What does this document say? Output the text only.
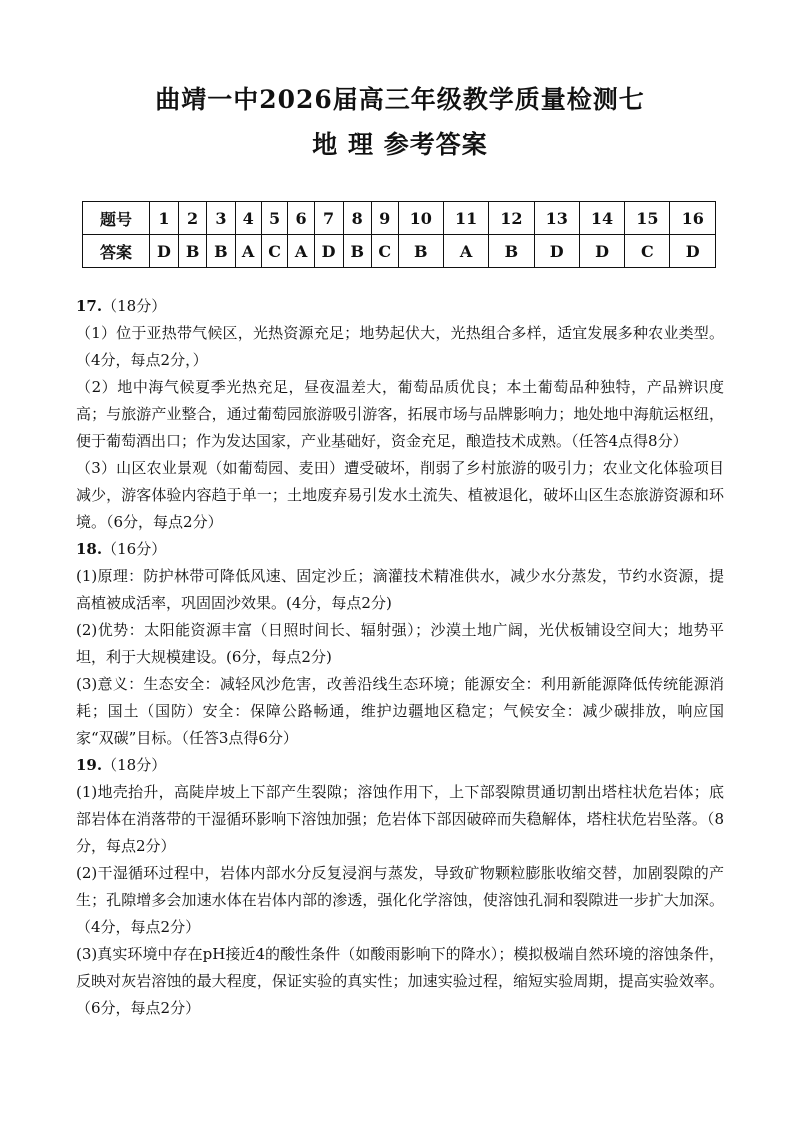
曲靖一中2026届高三年级教学质量检测七
地 理 参考答案
题号	1	2	3	4	5	6	7	8	9	10	11	12	13	14	15	16
答案	D	B	B	A	C	A	D	B	C	B	A	B	D	D	C	D
17.（18分）
（1）位于亚热带气候区，光热资源充足；地势起伏大，光热组合多样，适宜发展多种农业类型。（4分，每点2分，）
（2）地中海气候夏季光热充足，昼夜温差大，葡萄品质优良；本土葡萄品种独特，产品辨识度高；与旅游产业整合，通过葡萄园旅游吸引游客，拓展市场与品牌影响力；地处地中海航运枢纽，便于葡萄酒出口；作为发达国家，产业基础好，资金充足，酿造技术成熟。（任答4点得8分）
（3）山区农业景观（如葡萄园、麦田）遭受破坏，削弱了乡村旅游的吸引力；农业文化体验项目减少，游客体验内容趋于单一；土地废弃易引发水土流失、植被退化，破坏山区生态旅游资源和环境。（6分，每点2分）
18.（16分）
(1)原理：防护林带可降低风速、固定沙丘；滴灌技术精准供水，减少水分蒸发，节约水资源，提高植被成活率，巩固固沙效果。(4分，每点2分)
(2)优势：太阳能资源丰富（日照时间长、辐射强）；沙漠土地广阔，光伏板铺设空间大；地势平坦，利于大规模建设。(6分，每点2分)
(3)意义：生态安全：减轻风沙危害，改善沿线生态环境；能源安全：利用新能源降低传统能源消耗；国土（国防）安全：保障公路畅通，维护边疆地区稳定；气候安全：减少碳排放，响应国家“双碳”目标。（任答3点得6分）
19.（18分）
(1)地壳抬升，高陡岸坡上下部产生裂隙；溶蚀作用下，上下部裂隙贯通切割出塔柱状危岩体；底部岩体在消落带的干湿循环影响下溶蚀加强；危岩体下部因破碎而失稳解体，塔柱状危岩坠落。（8分，每点2分）
(2)干湿循环过程中，岩体内部水分反复浸润与蒸发，导致矿物颗粒膨胀收缩交替，加剧裂隙的产生；孔隙增多会加速水体在岩体内部的渗透，强化化学溶蚀，使溶蚀孔洞和裂隙进一步扩大加深。（4分，每点2分）
(3)真实环境中存在pH接近4的酸性条件（如酸雨影响下的降水）；模拟极端自然环境的溶蚀条件，反映对灰岩溶蚀的最大程度，保证实验的真实性；加速实验过程，缩短实验周期，提高实验效率。（6分，每点2分）
